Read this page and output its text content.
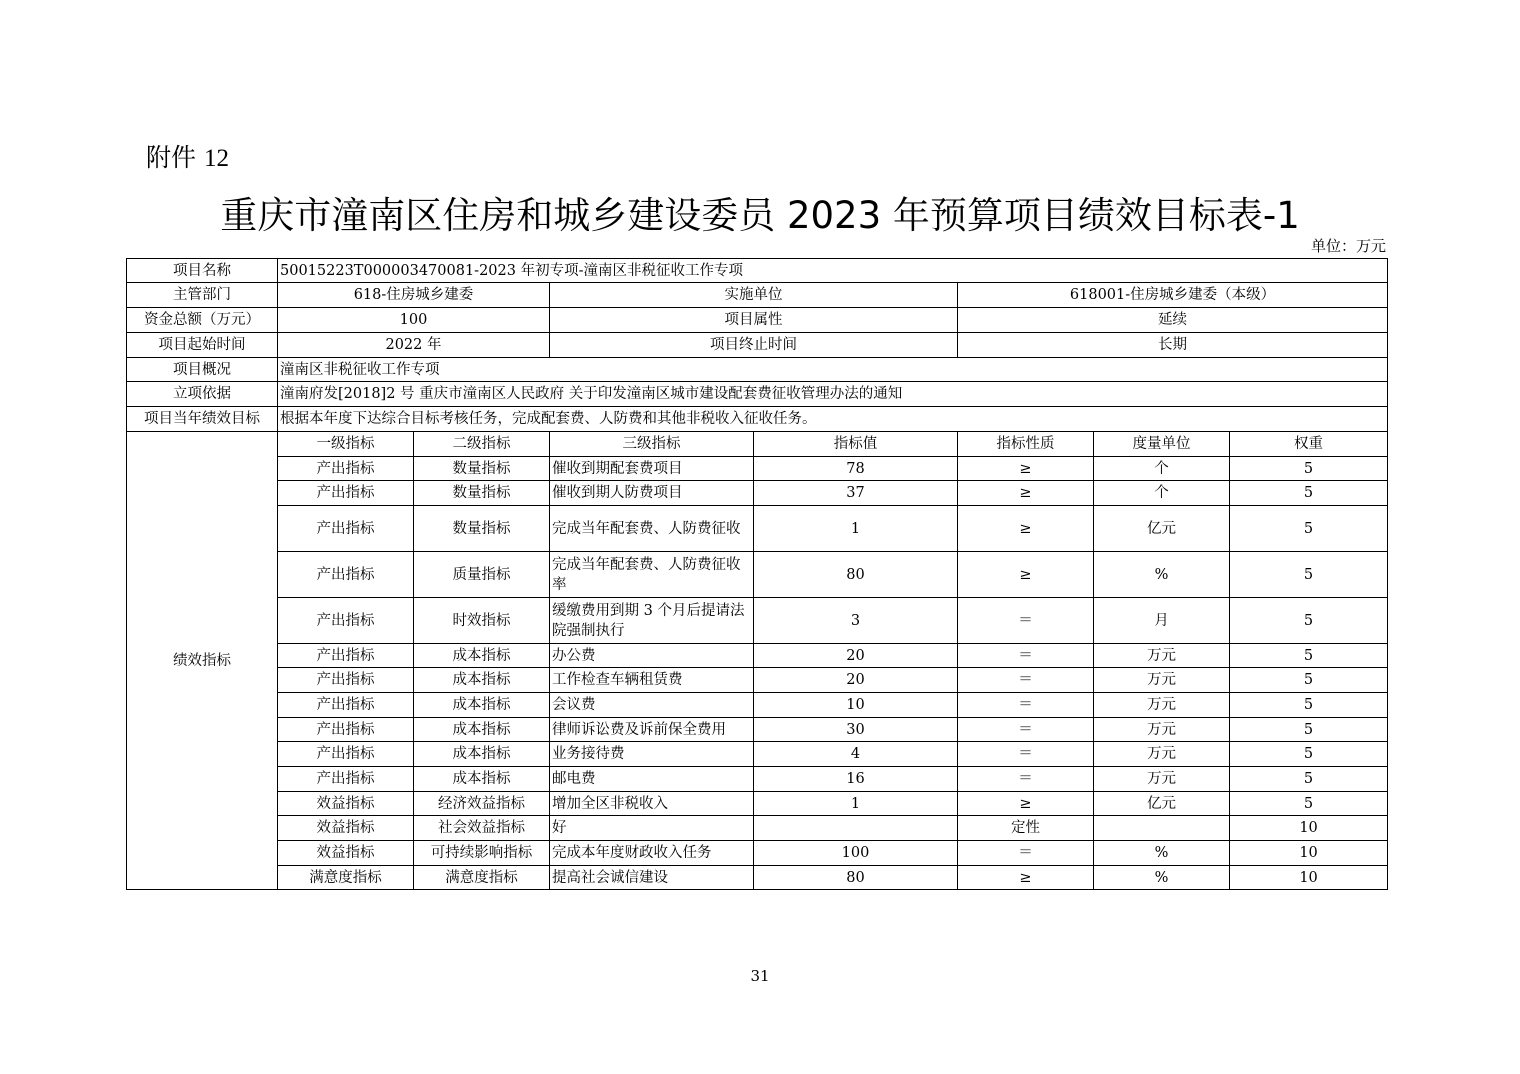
附件 12
重庆市潼南区住房和城乡建设委员 2023 年预算项目绩效目标表-1
单位：万元
项目名称	50015223T000003470081-2023 年初专项-潼南区非税征收工作专项						
主管部门	618-住房城乡建委		实施单位		618001-住房城乡建委（本级）		
资金总额（万元）	100		项目属性		延续		
项目起始时间	2022 年		项目终止时间		长期		
项目概况	潼南区非税征收工作专项						
立项依据	潼南府发[2018]2 号 重庆市潼南区人民政府 关于印发潼南区城市建设配套费征收管理办法的通知						
项目当年绩效目标	根据本年度下达综合目标考核任务，完成配套费、人防费和其他非税收入征收任务。						
绩效指标	一级指标	二级指标	三级指标	指标值	指标性质	度量单位	权重
	产出指标	数量指标	催收到期配套费项目	78	≥	个	5
	产出指标	数量指标	催收到期人防费项目	37	≥	个	5
	产出指标	数量指标	完成当年配套费、人防费征收	1	≥	亿元	5
	产出指标	质量指标	完成当年配套费、人防费征收率	80	≥	%	5
	产出指标	时效指标	缓缴费用到期 3 个月后提请法院强制执行	3	＝	月	5
	产出指标	成本指标	办公费	20	＝	万元	5
	产出指标	成本指标	工作检查车辆租赁费	20	＝	万元	5
	产出指标	成本指标	会议费	10	＝	万元	5
	产出指标	成本指标	律师诉讼费及诉前保全费用	30	＝	万元	5
	产出指标	成本指标	业务接待费	4	＝	万元	5
	产出指标	成本指标	邮电费	16	＝	万元	5
	效益指标	经济效益指标	增加全区非税收入	1	≥	亿元	5
	效益指标	社会效益指标	好		定性		10
	效益指标	可持续影响指标	完成本年度财政收入任务	100	＝	%	10
	满意度指标	满意度指标	提高社会诚信建设	80	≥	%	10
31
